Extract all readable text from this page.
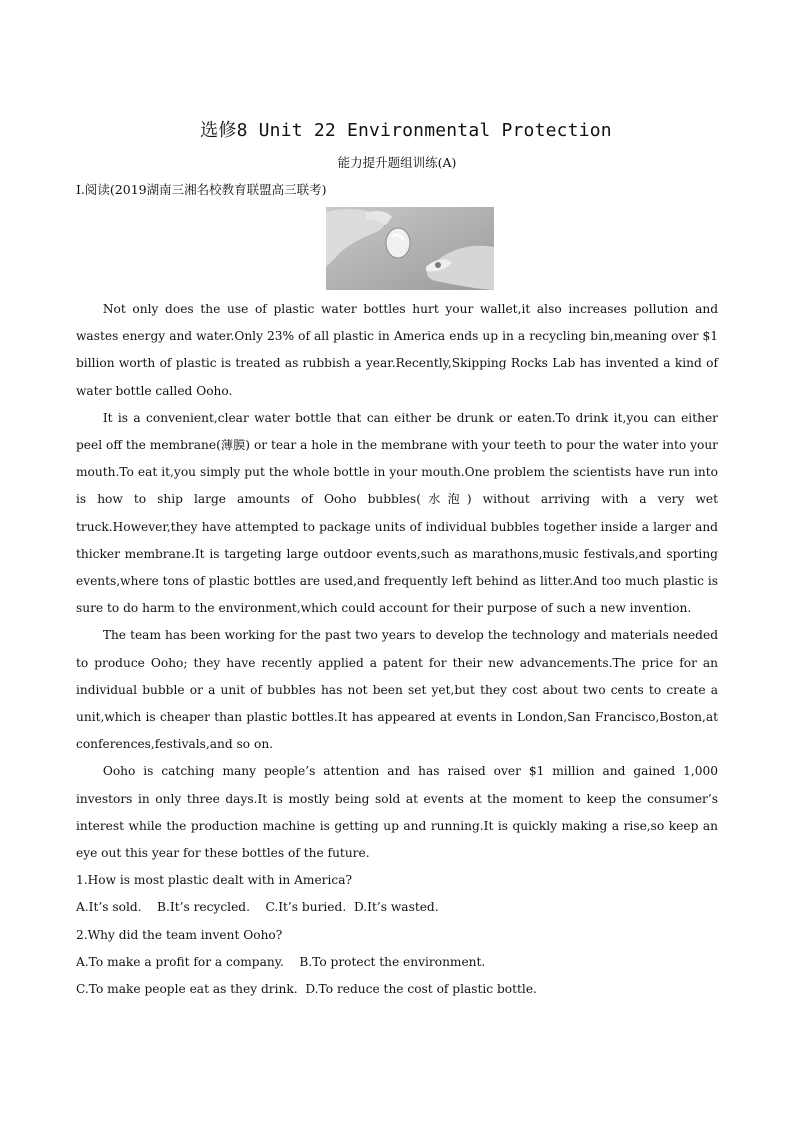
选修8 Unit 22 Environmental Protection
能力提升题组训练(A)
Ⅰ.阅读(2019湖南三湘名校教育联盟高三联考)

Not only does the use of plastic water bottles hurt your wallet,it also increases pollution and wastes energy and water.Only 23% of all plastic in America ends up in a recycling bin,meaning over $1 billion worth of plastic is treated as rubbish a year.Recently,Skipping Rocks Lab has invented a kind of water bottle called Ooho.

It is a convenient,clear water bottle that can either be drunk or eaten.To drink it,you can either peel off the membrane(薄膜) or tear a hole in the membrane with your teeth to pour the water into your mouth.To eat it,you simply put the whole bottle in your mouth.One problem the scientists have run into is how to ship large amounts of Ooho bubbles(水泡) without arriving with a very wet truck.However,they have attempted to package units of individual bubbles together inside a larger and thicker membrane.It is targeting large outdoor events,such as marathons,music festivals,and sporting events,where tons of plastic bottles are used,and frequently left behind as litter.And too much plastic is sure to do harm to the environment,which could account for their purpose of such a new invention.

The team has been working for the past two years to develop the technology and materials needed to produce Ooho; they have recently applied a patent for their new advancements.The price for an individual bubble or a unit of bubbles has not been set yet,but they cost about two cents to create a unit,which is cheaper than plastic bottles.It has appeared at events in London,San Francisco,Boston,at conferences,festivals,and so on.

Ooho is catching many people’s attention and has raised over $1 million and gained 1,000 investors in only three days.It is mostly being sold at events at the moment to keep the consumer’s interest while the production machine is getting up and running.It is quickly making a rise,so keep an eye out this year for these bottles of the future.

1.How is most plastic dealt with in America?
A.It’s sold.    B.It’s recycled.    C.It’s buried.  D.It’s wasted.
2.Why did the team invent Ooho?
A.To make a profit for a company.    B.To protect the environment.
C.To make people eat as they drink.  D.To reduce the cost of plastic bottle.
